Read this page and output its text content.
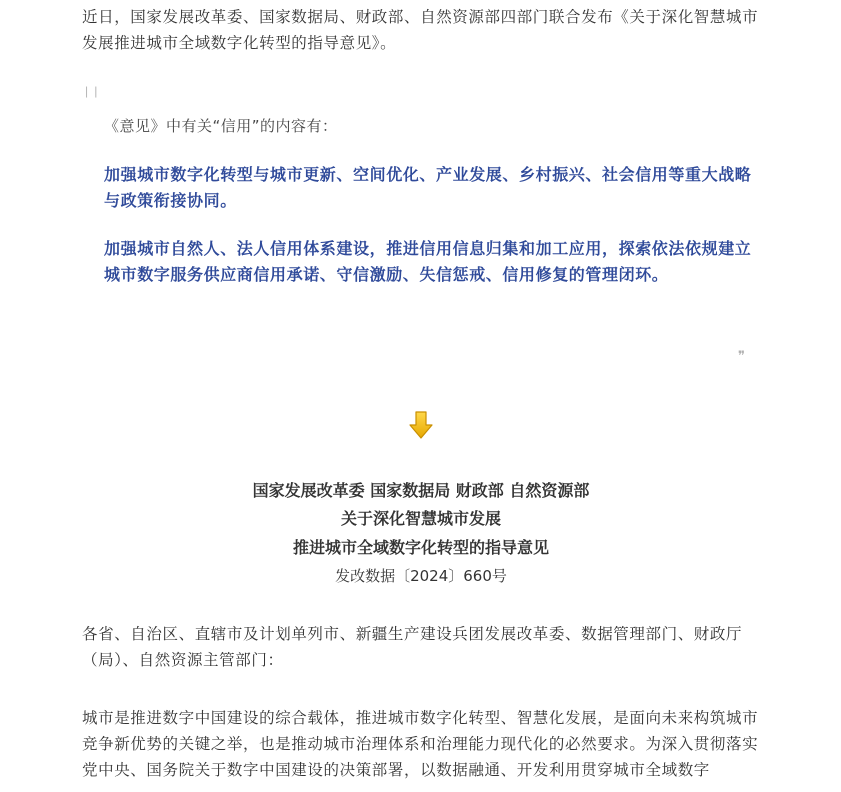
近日，国家发展改革委、国家数据局、财政部、自然资源部四部门联合发布《关于深化智慧城市发展推进城市全域数字化转型的指导意见》。

❘❘
《意见》中有关“信用”的内容有：

加强城市数字化转型与城市更新、空间优化、产业发展、乡村振兴、社会信用等重大战略与政策衔接协同。

加强城市自然人、法人信用体系建设，推进信用信息归集和加工应用，探索依法依规建立城市数字服务供应商信用承诺、守信激励、失信惩戒、信用修复的管理闭环。

❞

国家发展改革委 国家数据局 财政部 自然资源部

关于深化智慧城市发展

推进城市全域数字化转型的指导意见

发改数据〔2024〕660号

各省、自治区、直辖市及计划单列市、新疆生产建设兵团发展改革委、数据管理部门、财政厅（局）、自然资源主管部门：

城市是推进数字中国建设的综合载体，推进城市数字化转型、智慧化发展，是面向未来构筑城市竞争新优势的关键之举，也是推动城市治理体系和治理能力现代化的必然要求。为深入贯彻落实党中央、国务院关于数字中国建设的决策部署，以数据融通、开发利用贯穿城市全域数字
